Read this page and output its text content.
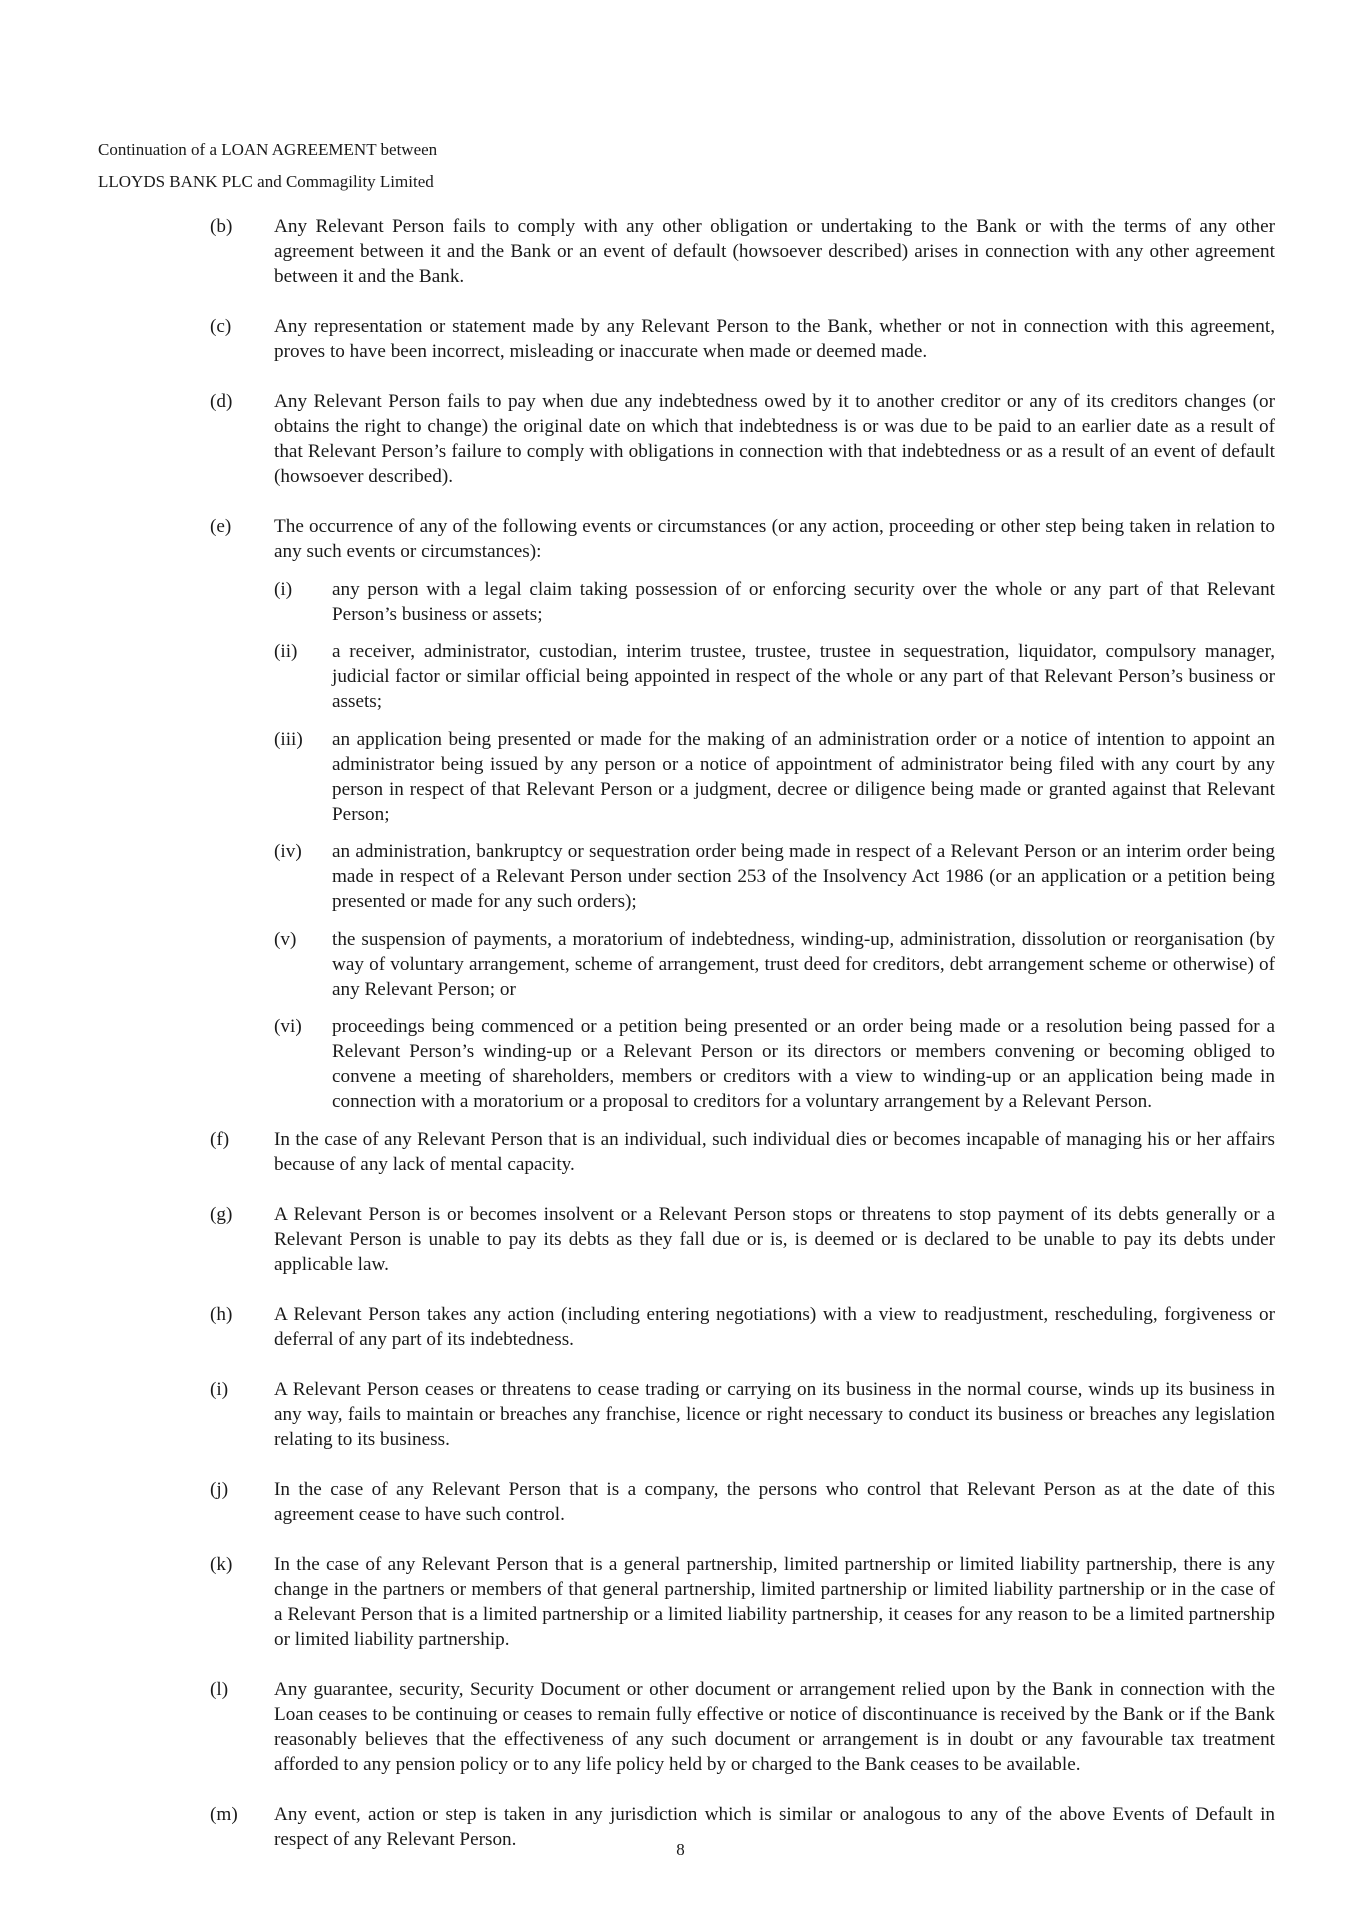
Continuation of a LOAN AGREEMENT between
LLOYDS BANK PLC and Commagility Limited
(b)	Any Relevant Person fails to comply with any other obligation or undertaking to the Bank or with the terms of any other agreement between it and the Bank or an event of default (howsoever described) arises in connection with any other agreement between it and the Bank.

(c)	Any representation or statement made by any Relevant Person to the Bank, whether or not in connection with this agreement, proves to have been incorrect, misleading or inaccurate when made or deemed made.

(d)	Any Relevant Person fails to pay when due any indebtedness owed by it to another creditor or any of its creditors changes (or obtains the right to change) the original date on which that indebtedness is or was due to be paid to an earlier date as a result of that Relevant Person’s failure to comply with obligations in connection with that indebtedness or as a result of an event of default (howsoever described).

(e)	The occurrence of any of the following events or circumstances (or any action, proceeding or other step being taken in relation to any such events or circumstances):

(i)	any person with a legal claim taking possession of or enforcing security over the whole or any part of that Relevant Person’s business or assets;
(ii)	a receiver, administrator, custodian, interim trustee, trustee, trustee in sequestration, liquidator, compulsory manager, judicial factor or similar official being appointed in respect of the whole or any part of that Relevant Person’s business or assets;
(iii)	an application being presented or made for the making of an administration order or a notice of intention to appoint an administrator being issued by any person or a notice of appointment of administrator being filed with any court by any person in respect of that Relevant Person or a judgment, decree or diligence being made or granted against that Relevant Person;
(iv)	an administration, bankruptcy or sequestration order being made in respect of a Relevant Person or an interim order being made in respect of a Relevant Person under section 253 of the Insolvency Act 1986 (or an application or a petition being presented or made for any such orders);
(v)	the suspension of payments, a moratorium of indebtedness, winding-up, administration, dissolution or reorganisation (by way of voluntary arrangement, scheme of arrangement, trust deed for creditors, debt arrangement scheme or otherwise) of any Relevant Person; or
(vi)	proceedings being commenced or a petition being presented or an order being made or a resolution being passed for a Relevant Person’s winding-up or a Relevant Person or its directors or members convening or becoming obliged to convene a meeting of shareholders, members or creditors with a view to winding-up or an application being made in connection with a moratorium or a proposal to creditors for a voluntary arrangement by a Relevant Person.
(f)	In the case of any Relevant Person that is an individual, such individual dies or becomes incapable of managing his or her affairs because of any lack of mental capacity.

(g)	A Relevant Person is or becomes insolvent or a Relevant Person stops or threatens to stop payment of its debts generally or a Relevant Person is unable to pay its debts as they fall due or is, is deemed or is declared to be unable to pay its debts under applicable law.

(h)	A Relevant Person takes any action (including entering negotiations) with a view to readjustment, rescheduling, forgiveness or deferral of any part of its indebtedness.

(i)	A Relevant Person ceases or threatens to cease trading or carrying on its business in the normal course, winds up its business in any way, fails to maintain or breaches any franchise, licence or right necessary to conduct its business or breaches any legislation relating to its business.

(j)	In the case of any Relevant Person that is a company, the persons who control that Relevant Person as at the date of this agreement cease to have such control.

(k)	In the case of any Relevant Person that is a general partnership, limited partnership or limited liability partnership, there is any change in the partners or members of that general partnership, limited partnership or limited liability partnership or in the case of a Relevant Person that is a limited partnership or a limited liability partnership, it ceases for any reason to be a limited partnership or limited liability partnership.

(l)	Any guarantee, security, Security Document or other document or arrangement relied upon by the Bank in connection with the Loan ceases to be continuing or ceases to remain fully effective or notice of discontinuance is received by the Bank or if the Bank reasonably believes that the effectiveness of any such document or arrangement is in doubt or any favourable tax treatment afforded to any pension policy or to any life policy held by or charged to the Bank ceases to be available.

(m)	Any event, action or step is taken in any jurisdiction which is similar or analogous to any of the above Events of Default in respect of any Relevant Person.	8
